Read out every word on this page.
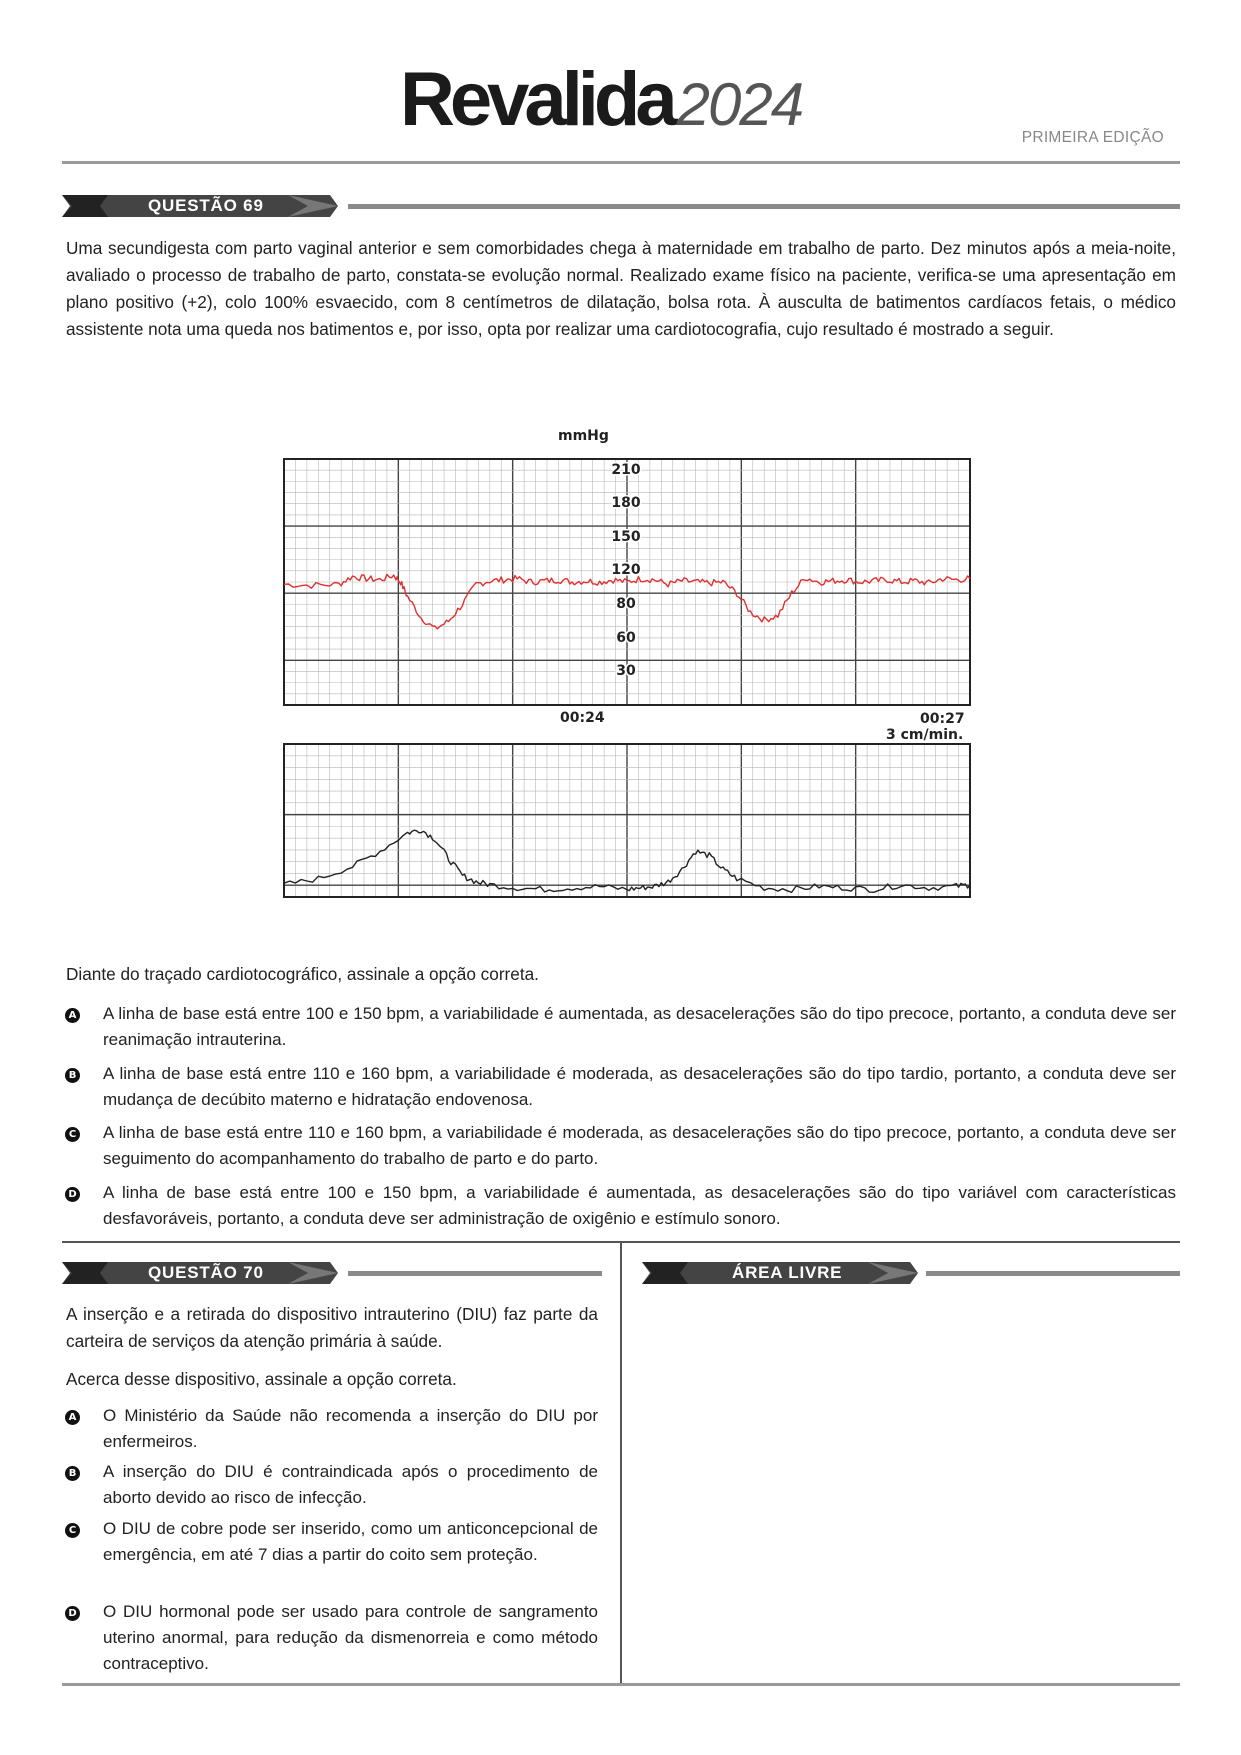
Revalida2024	PRIMEIRA EDIÇÃO
QUESTÃO 69
Uma secundigesta com parto vaginal anterior e sem comorbidades chega à maternidade em trabalho de parto. Dez minutos após a meia-noite, avaliado o processo de trabalho de parto, constata-se evolução normal. Realizado exame físico na paciente, verifica-se uma apresentação em plano positivo (+2), colo 100% esvaecido, com 8 centímetros de dilatação, bolsa rota. À ausculta de batimentos cardíacos fetais, o médico assistente nota uma queda nos batimentos e, por isso, opta por realizar uma cardiotocografia, cujo resultado é mostrado a seguir.
mmHg
210
180
150
120
80
60
30
00:24	00:27
3 cm/min.
Diante do traçado cardiotocográfico, assinale a opção correta.
A A linha de base está entre 100 e 150 bpm, a variabilidade é aumentada, as desacelerações são do tipo precoce, portanto, a conduta deve ser reanimação intrauterina.
B A linha de base está entre 110 e 160 bpm, a variabilidade é moderada, as desacelerações são do tipo tardio, portanto, a conduta deve ser mudança de decúbito materno e hidratação endovenosa.
C A linha de base está entre 110 e 160 bpm, a variabilidade é moderada, as desacelerações são do tipo precoce, portanto, a conduta deve ser seguimento do acompanhamento do trabalho de parto e do parto.
D A linha de base está entre 100 e 150 bpm, a variabilidade é aumentada, as desacelerações são do tipo variável com características desfavoráveis, portanto, a conduta deve ser administração de oxigênio e estímulo sonoro.
QUESTÃO 70
A inserção e a retirada do dispositivo intrauterino (DIU) faz parte da carteira de serviços da atenção primária à saúde.
Acerca desse dispositivo, assinale a opção correta.
A O Ministério da Saúde não recomenda a inserção do DIU por enfermeiros.
B A inserção do DIU é contraindicada após o procedimento de aborto devido ao risco de infecção.
C O DIU de cobre pode ser inserido, como um anticoncepcional de emergência, em até 7 dias a partir do coito sem proteção.
D O DIU hormonal pode ser usado para controle de sangramento uterino anormal, para redução da dismenorreia e como método contraceptivo.
ÁREA LIVRE
